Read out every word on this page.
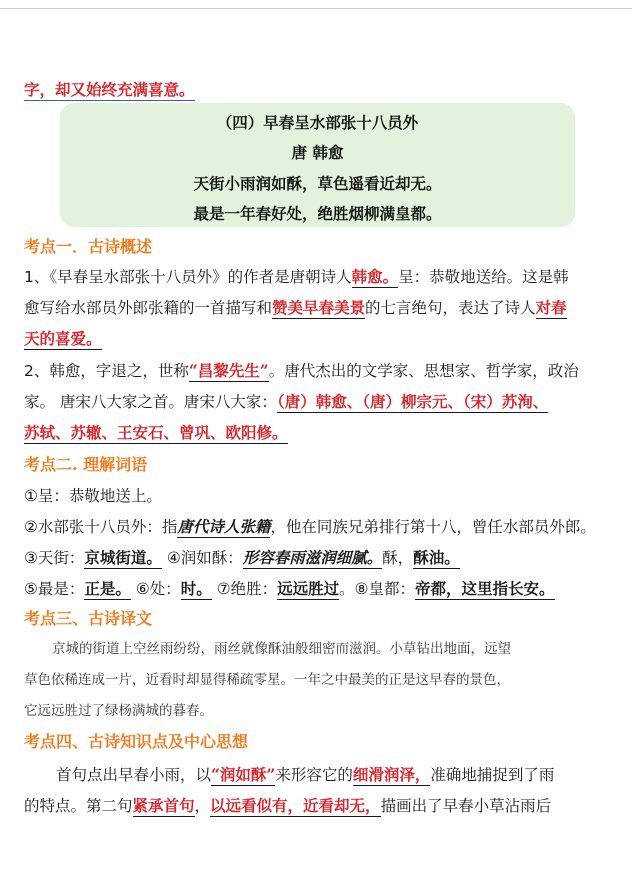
字，却又始终充满喜意。
（四）早春呈水部张十八员外
唐 韩愈
天街小雨润如酥，草色遥看近却无。
最是一年春好处，绝胜烟柳满皇都。
考点一．古诗概述
1、《早春呈水部张十八员外》的作者是唐朝诗人韩愈。呈：恭敬地送给。这是韩
愈写给水部员外郎张籍的一首描写和赞美早春美景的七言绝句，表达了诗人对春
天的喜爱。
2、韩愈，字退之，世称“昌黎先生”。唐代杰出的文学家、思想家、哲学家，政治
家。 唐宋八大家之首。唐宋八大家：（唐）韩愈、（唐）柳宗元、（宋）苏洵、
苏轼、苏辙、王安石、曾巩、欧阳修。
考点二. 理解词语
①呈：恭敬地送上。
②水部张十八员外：指唐代诗人张籍，他在同族兄弟排行第十八，曾任水部员外郎。
③天街：京城街道。 ④润如酥：形容春雨滋润细腻。酥，酥油。
⑤最是：正是。 ⑥处：时。 ⑦绝胜：远远胜过。⑧皇都：帝都，这里指长安。
考点三、古诗译文
京城的街道上空丝雨纷纷，雨丝就像酥油般细密而滋润。小草钻出地面，远望
草色依稀连成一片，近看时却显得稀疏零星。一年之中最美的正是这早春的景色，
它远远胜过了绿杨满城的暮春。
考点四、古诗知识点及中心思想
首句点出早春小雨，以“润如酥”来形容它的细滑润泽，准确地捕捉到了雨
的特点。第二句紧承首句，以远看似有，近看却无，描画出了早春小草沾雨后
